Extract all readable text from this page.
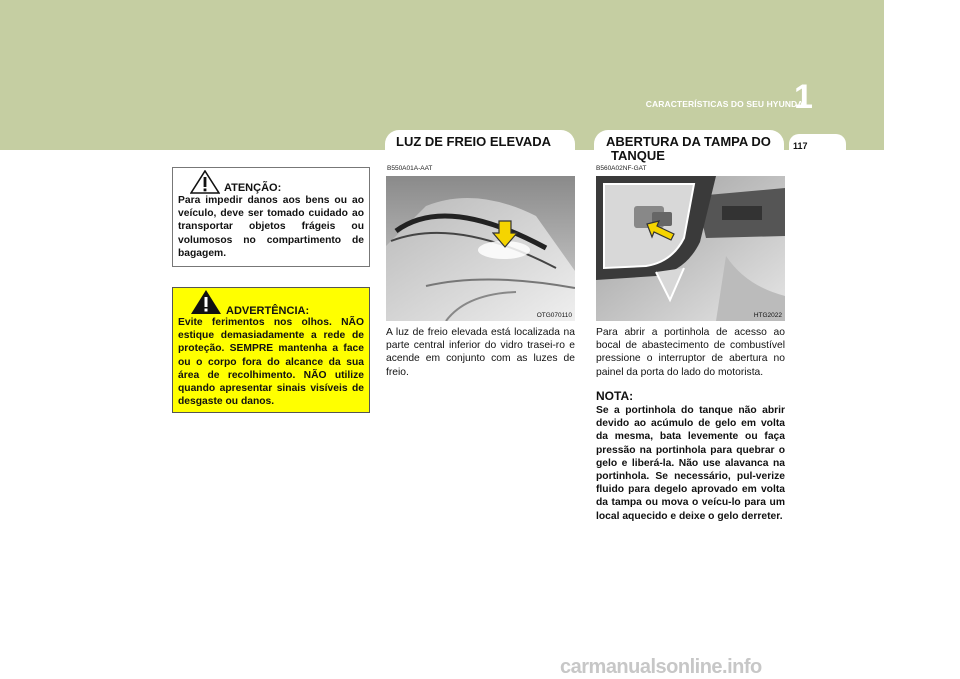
CARACTERÍSTICAS DO SEU HYUNDAI
1
117
LUZ DE FREIO ELEVADA	ABERTURA DA TAMPA DO
TANQUE
ATENÇÃO:
Para impedir danos aos bens ou ao veículo, deve ser tomado cuidado ao transportar objetos frágeis ou volumosos no compartimento de bagagem.
ADVERTÊNCIA:
Evite ferimentos nos olhos. NÃO estique demasiadamente a rede de proteção. SEMPRE mantenha a face ou o corpo fora do alcance da sua área de recolhimento. NÃO utilize quando apresentar sinais visíveis de desgaste ou danos.
B550A01A-AAT
OTG070110
A luz de freio elevada está localizada na parte central inferior do vidro trasei-ro e acende em conjunto com as luzes de freio.
B560A02NF-GAT
HTG2022
Para abrir a portinhola de acesso ao bocal de abastecimento de combustível pressione o interruptor de abertura no painel da porta do lado do motorista.
NOTA:
Se a portinhola do tanque não abrir devido ao acúmulo de gelo em volta da mesma, bata levemente ou faça pressão na portinhola para quebrar o gelo e liberá-la. Não use alavanca na portinhola. Se necessário, pul-verize fluido para degelo aprovado em volta da tampa ou mova o veícu-lo para um local aquecido e deixe o gelo derreter.
carmanualsonline.info
